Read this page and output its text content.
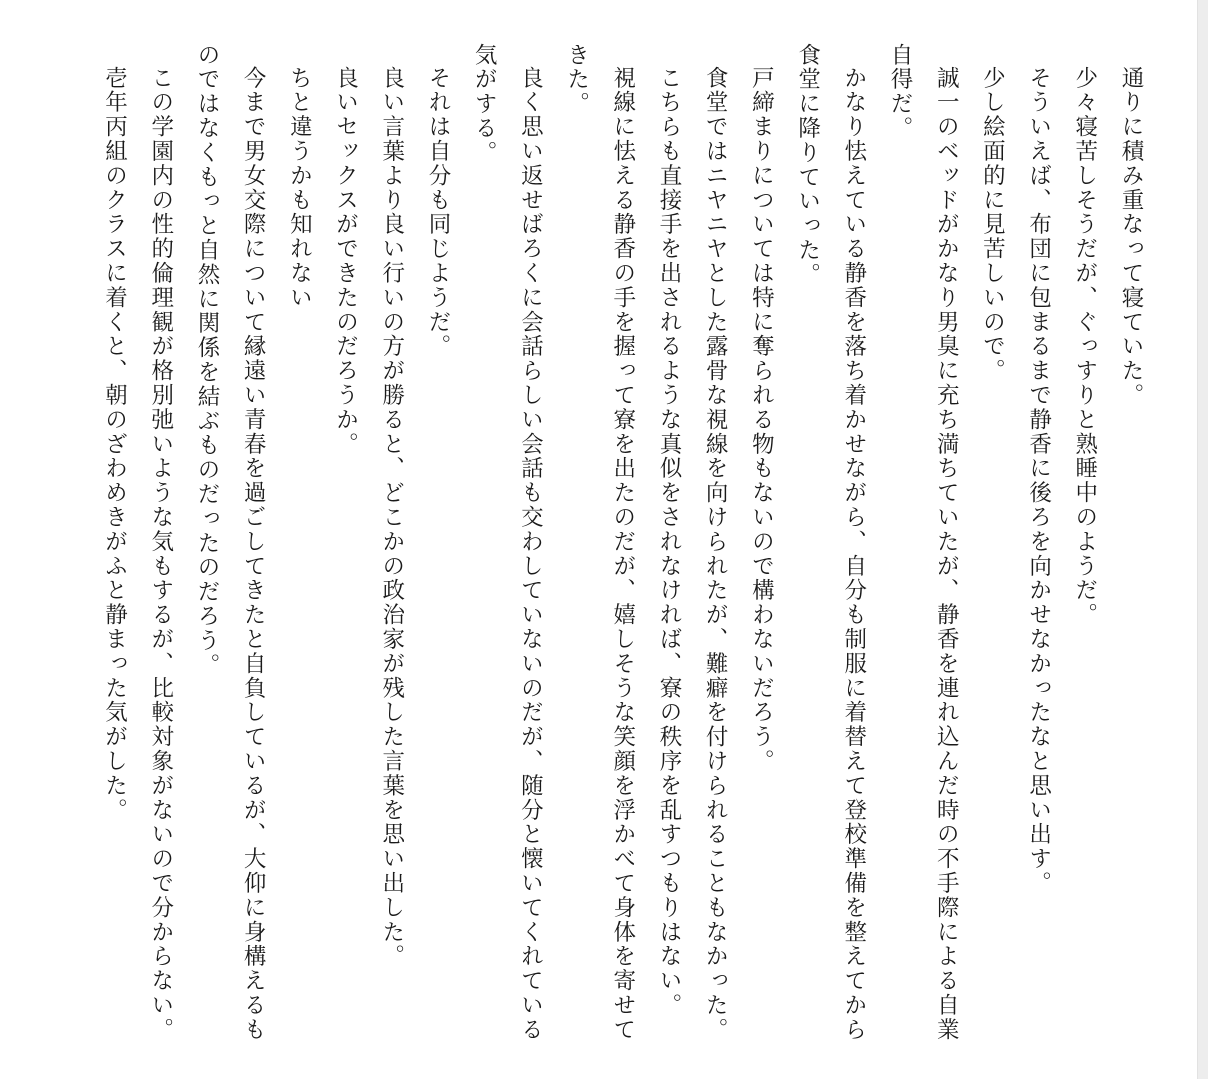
通りに積み重なって寝ていた。

少々寝苦しそうだが、ぐっすりと熟睡中のようだ。

そういえば、布団に包まるまで静香に後ろを向かせなかったなと思い出す。

少し絵面的に見苦しいので。

誠一のベッドがかなり男臭に充ち満ちていたが、静香を連れ込んだ時の不手際による自業自得だ。

かなり怯えている静香を落ち着かせながら、自分も制服に着替えて登校準備を整えてから食堂に降りていった。

戸締まりについては特に奪られる物もないので構わないだろう。

食堂ではニヤニヤとした露骨な視線を向けられたが、難癖を付けられることもなかった。

こちらも直接手を出されるような真似をされなければ、寮の秩序を乱すつもりはない。

視線に怯える静香の手を握って寮を出たのだが、嬉しそうな笑顔を浮かべて身体を寄せてきた。

良く思い返せばろくに会話らしい会話も交わしていないのだが、随分と懐いてくれている気がする。

それは自分も同じようだ。

良い言葉より良い行いの方が勝ると、どこかの政治家が残した言葉を思い出した。

良いセックスができたのだろうか。

ちと違うかも知れない

今まで男女交際について縁遠い青春を過ごしてきたと自負しているが、大仰に身構えるものではなくもっと自然に関係を結ぶものだったのだろう。

この学園内の性的倫理観が格別弛いような気もするが、比較対象がないので分からない。

壱年丙組のクラスに着くと、朝のざわめきがふと静まった気がした。
